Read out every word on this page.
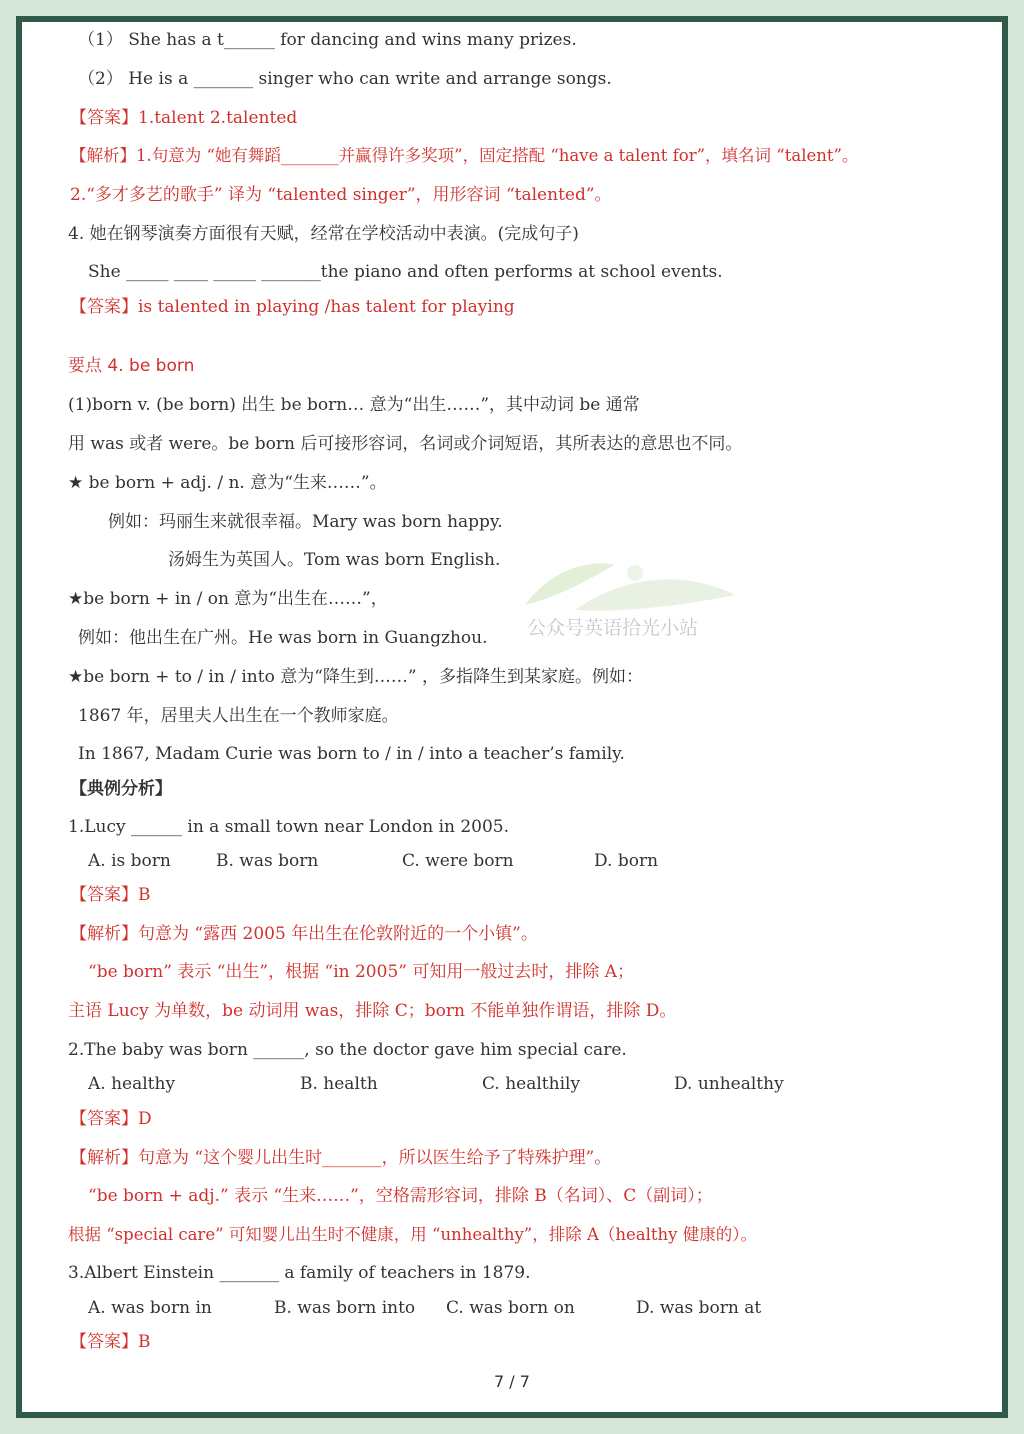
（1） She has a t______ for dancing and wins many prizes.
（2） He is a _______ singer who can write and arrange songs.
【答案】1.talent 2.talented
【解析】1.句意为 “她有舞蹈_______并赢得许多奖项”，固定搭配 “have a talent for”，填名词 “talent”。
2.“多才多艺的歌手” 译为 “talented singer”，用形容词 “talented”。
4. 她在钢琴演奏方面很有天赋，经常在学校活动中表演。(完成句子)
She _____ ____ _____ _______the piano and often performs at school events.
【答案】is talented in playing /has talent for playing
要点 4. be born
(1)born v. (be born) 出生 be born… 意为“出生……”，其中动词 be 通常
用 was 或者 were。be born 后可接形容词，名词或介词短语，其所表达的意思也不同。
★ be born + adj. / n. 意为“生来……”。
例如：玛丽生来就很幸福。Mary was born happy.
汤姆生为英国人。Tom was born English.
★be born + in / on 意为“出生在……”，
例如：他出生在广州。He was born in Guangzhou.
★be born + to / in / into 意为“降生到……” ，多指降生到某家庭。例如：
1867 年，居里夫人出生在一个教师家庭。
In 1867, Madam Curie was born to / in / into a teacher’s family.
【典例分析】
1.Lucy ______ in a small town near London in 2005.
A. is born	B. was born	C. were born	D. born
【答案】B
【解析】句意为 “露西 2005 年出生在伦敦附近的一个小镇”。
“be born” 表示 “出生”，根据 “in 2005” 可知用一般过去时，排除 A；
主语 Lucy 为单数，be 动词用 was，排除 C；born 不能单独作谓语，排除 D。
2.The baby was born ______, so the doctor gave him special care.
A. healthy	B. health	C. healthily	D. unhealthy
【答案】D
【解析】句意为 “这个婴儿出生时_______，所以医生给予了特殊护理”。
“be born + adj.” 表示 “生来……”，空格需形容词，排除 B（名词）、C（副词）；
根据 “special care” 可知婴儿出生时不健康，用 “unhealthy”，排除 A（healthy 健康的）。
3.Albert Einstein _______ a family of teachers in 1879.
A. was born in	B. was born into C. was born on	D. was born at
【答案】B
公众号英语拾光小站
7 / 7
